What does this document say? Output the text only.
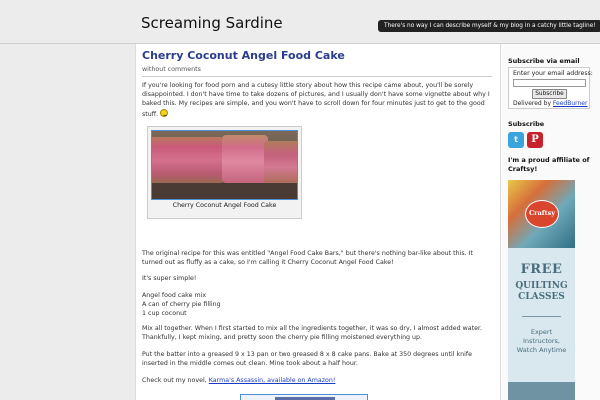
Screaming Sardine	There's no way I can describe myself & my blog in a catchy little tagline!
Cherry Coconut Angel Food Cake
without comments
If you're looking for food porn and a cutesy little story about how this recipe came about, you'll be sorely disappointed. I don't have time to take dozens of pictures, and I usually don't have some vignette about why I baked this. My recipes are simple, and you won't have to scroll down for four minutes just to get to the good stuff.
Cherry Coconut Angel Food Cake
The original recipe for this was entitled "Angel Food Cake Bars," but there's nothing bar-like about this. It turned out as fluffy as a cake, so I'm calling it Cherry Coconut Angel Food Cake!
It's super simple!
Angel food cake mix
A can of cherry pie filling
1 cup coconut
Mix all together. When I first started to mix all the ingredients together, it was so dry, I almost added water. Thankfully, I kept mixing, and pretty soon the cherry pie filling moistened everything up.
Put the batter into a greased 9 x 13 pan or two greased 8 x 8 cake pans. Bake at 350 degrees until knife inserted in the middle comes out clean. Mine took about a half hour.
Check out my novel, Karma's Assassin, available on Amazon!
Subscribe via email
Enter your email address:
Subscribe
Delivered by FeedBurner
Subscribe
t	P
I'm a proud affiliate of Craftsy!
Craftsy
FREE
QUILTING
CLASSES
Expert
Instructors,
Watch Anytime
